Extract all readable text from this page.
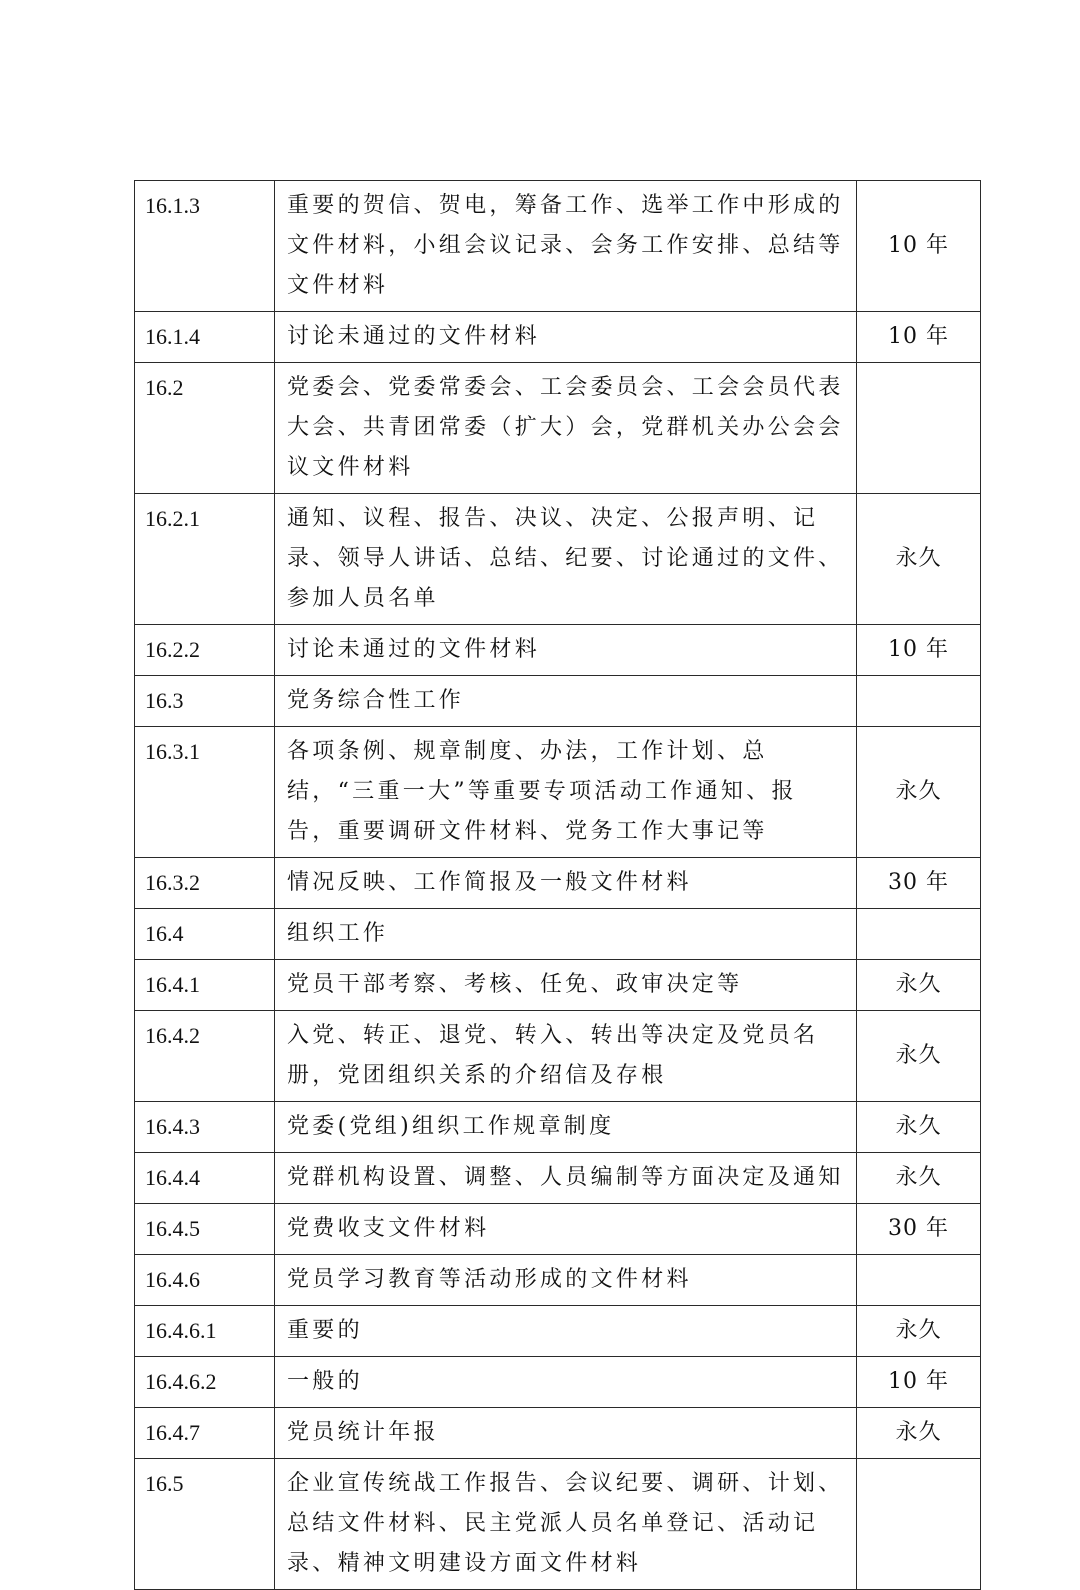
16.1.3	重要的贺信、贺电，筹备工作、选举工作中形成的文件材料，小组会议记录、会务工作安排、总结等文件材料	10 年
16.1.4	讨论未通过的文件材料	10 年
16.2	党委会、党委常委会、工会委员会、工会会员代表大会、共青团常委（扩大）会，党群机关办公会会议文件材料	
16.2.1	通知、议程、报告、决议、决定、公报声明、记录、领导人讲话、总结、纪要、讨论通过的文件、参加人员名单	永久
16.2.2	讨论未通过的文件材料	10 年
16.3	党务综合性工作	
16.3.1	各项条例、规章制度、办法，工作计划、总结，“三重一大”等重要专项活动工作通知、报告，重要调研文件材料、党务工作大事记等	永久
16.3.2	情况反映、工作简报及一般文件材料	30 年
16.4	组织工作	
16.4.1	党员干部考察、考核、任免、政审决定等	永久
16.4.2	入党、转正、退党、转入、转出等决定及党员名册，党团组织关系的介绍信及存根	永久
16.4.3	党委(党组)组织工作规章制度	永久
16.4.4	党群机构设置、调整、人员编制等方面决定及通知	永久
16.4.5	党费收支文件材料	30 年
16.4.6	党员学习教育等活动形成的文件材料	
16.4.6.1	重要的	永久
16.4.6.2	一般的	10 年
16.4.7	党员统计年报	永久
16.5	企业宣传统战工作报告、会议纪要、调研、计划、总结文件材料、民主党派人员名单登记、活动记录、精神文明建设方面文件材料	
